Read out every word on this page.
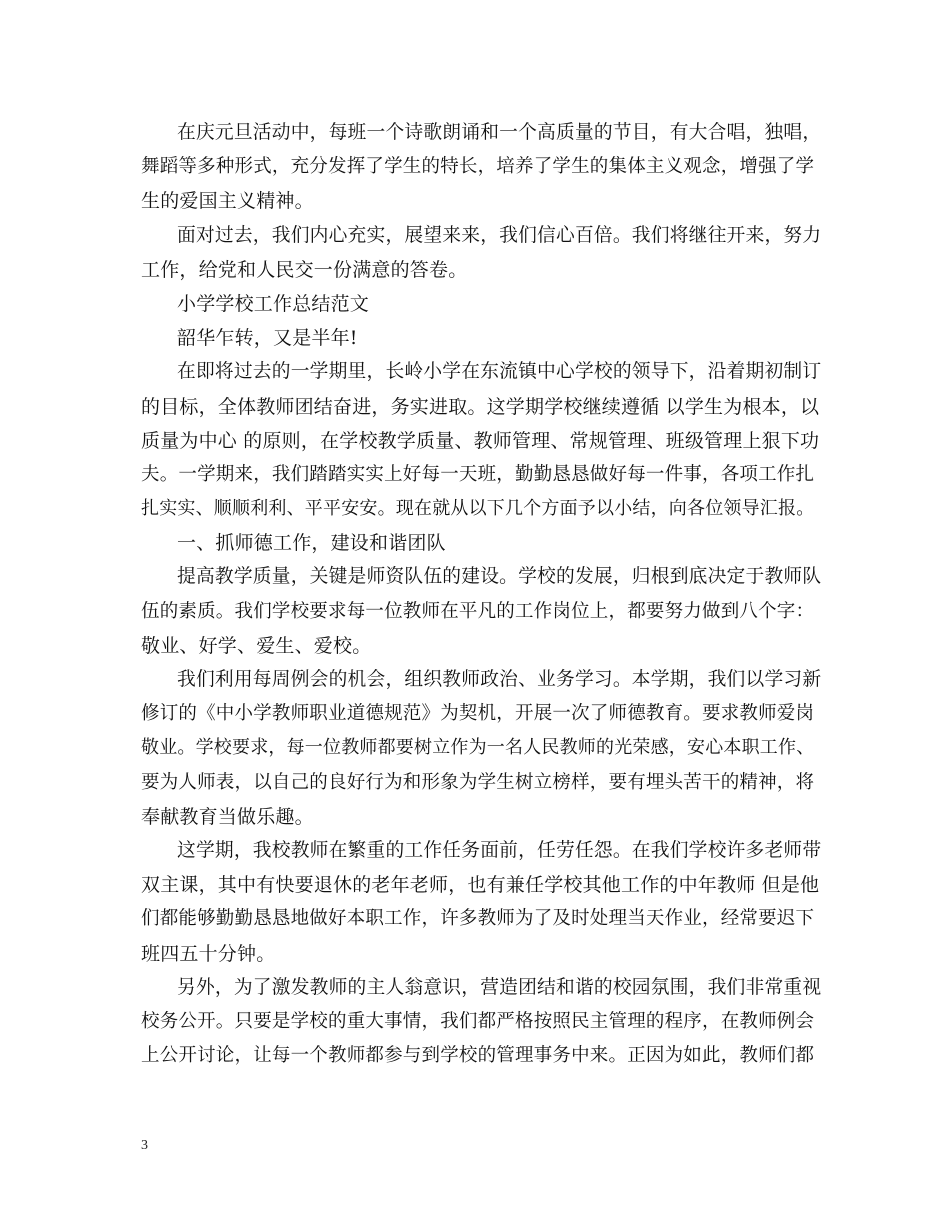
在庆元旦活动中，每班一个诗歌朗诵和一个高质量的节目，有大合唱，独唱，
舞蹈等多种形式，充分发挥了学生的特长，培养了学生的集体主义观念，增强了学
生的爱国主义精神。
面对过去，我们内心充实，展望来来，我们信心百倍。我们将继往开来，努力
工作，给党和人民交一份满意的答卷。
小学学校工作总结范文
韶华乍转，又是半年!
在即将过去的一学期里，长岭小学在东流镇中心学校的领导下，沿着期初制订
的目标，全体教师团结奋进，务实进取。这学期学校继续遵循 以学生为根本，以
质量为中心 的原则，在学校教学质量、教师管理、常规管理、班级管理上狠下功
夫。一学期来，我们踏踏实实上好每一天班，勤勤恳恳做好每一件事，各项工作扎
扎实实、顺顺利利、平平安安。现在就从以下几个方面予以小结，向各位领导汇报。
一、抓师德工作，建设和谐团队
提高教学质量，关键是师资队伍的建设。学校的发展，归根到底决定于教师队
伍的素质。我们学校要求每一位教师在平凡的工作岗位上，都要努力做到八个字：
敬业、好学、爱生、爱校。
我们利用每周例会的机会，组织教师政治、业务学习。本学期，我们以学习新
修订的《中小学教师职业道德规范》为契机，开展一次了师德教育。要求教师爱岗
敬业。学校要求，每一位教师都要树立作为一名人民教师的光荣感，安心本职工作、
要为人师表，以自己的良好行为和形象为学生树立榜样，要有埋头苦干的精神，将
奉献教育当做乐趣。
这学期，我校教师在繁重的工作任务面前，任劳任怨。在我们学校许多老师带
双主课，其中有快要退休的老年老师，也有兼任学校其他工作的中年教师 但是他
们都能够勤勤恳恳地做好本职工作，许多教师为了及时处理当天作业，经常要迟下
班四五十分钟。
另外，为了激发教师的主人翁意识，营造团结和谐的校园氛围，我们非常重视
校务公开。只要是学校的重大事情，我们都严格按照民主管理的程序，在教师例会
上公开讨论，让每一个教师都参与到学校的管理事务中来。正因为如此，教师们都
3
